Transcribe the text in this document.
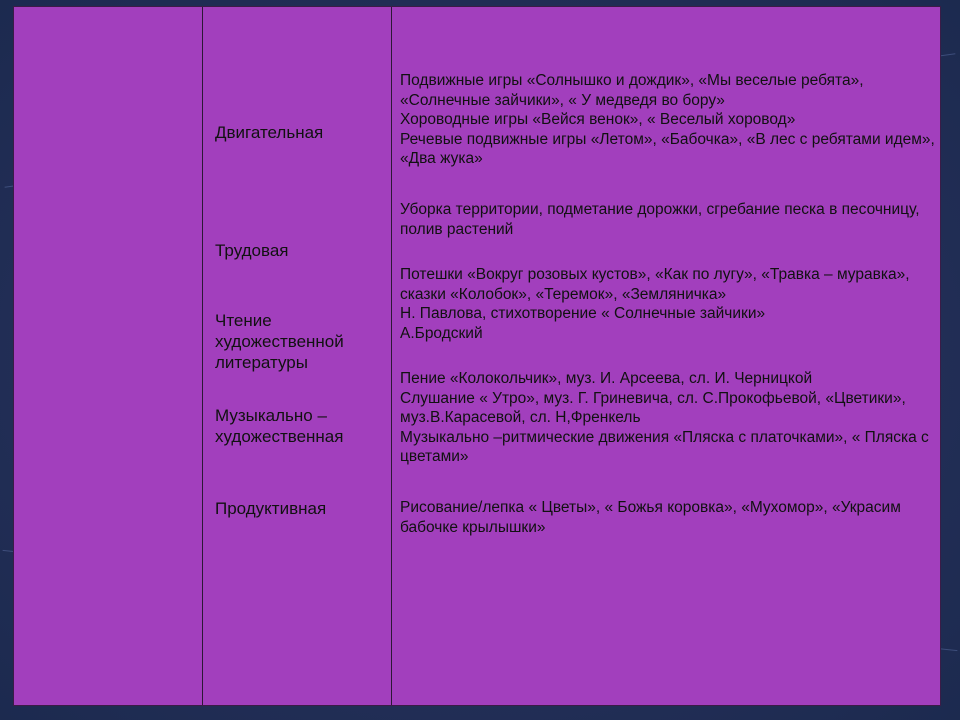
Двигательная
Трудовая
Чтение художественной литературы
Музыкально – художественная
Продуктивная
Подвижные игры «Солнышко и дождик», «Мы веселые ребята», «Солнечные зайчики», « У медведя во бору»
Хороводные игры «Вейся венок», « Веселый хоровод»
Речевые подвижные игры «Летом», «Бабочка», «В лес с ребятами идем», «Два жука»
Уборка территории, подметание дорожки, сгребание песка в песочницу, полив растений
Потешки «Вокруг розовых кустов», «Как по лугу», «Травка – муравка», сказки «Колобок», «Теремок», «Земляничка»
Н. Павлова, стихотворение « Солнечные зайчики»
А.Бродский
Пение «Колокольчик», муз. И. Арсеева, сл. И. Черницкой
Слушание « Утро», муз. Г. Гриневича, сл. С.Прокофьевой, «Цветики», муз.В.Карасевой, сл. Н,Френкель
Музыкально –ритмические движения «Пляска с платочками», « Пляска с цветами»
Рисование/лепка « Цветы», « Божья коровка», «Мухомор», «Украсим бабочке крылышки»
